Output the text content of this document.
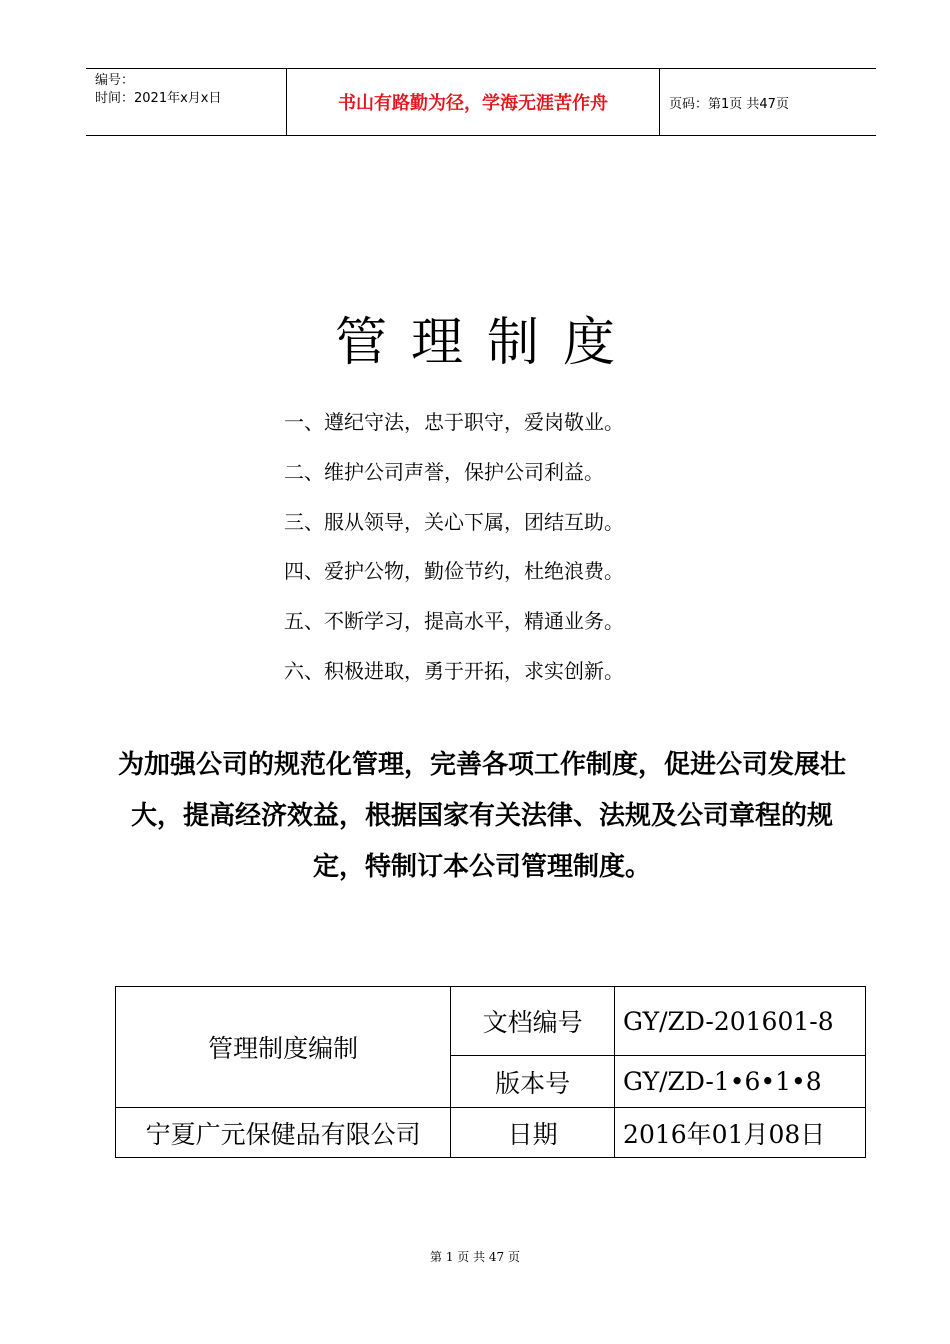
编号：
时间：2021年x月x日	书山有路勤为径，学海无涯苦作舟	页码：第1页 共47页
管理制度
一、遵纪守法，忠于职守，爱岗敬业。
二、维护公司声誉，保护公司利益。
三、服从领导，关心下属，团结互助。
四、爱护公物，勤俭节约，杜绝浪费。
五、不断学习，提高水平，精通业务。
六、积极进取，勇于开拓，求实创新。
为加强公司的规范化管理，完善各项工作制度，促进公司发展壮大，提高经济效益，根据国家有关法律、法规及公司章程的规定，特制订本公司管理制度。
管理制度编制	文档编号	GY/ZD-201601-8
	版本号	GY/ZD-1•6•1•8
宁夏广元保健品有限公司	日期	2016年01月08日
第 1 页 共 47 页
